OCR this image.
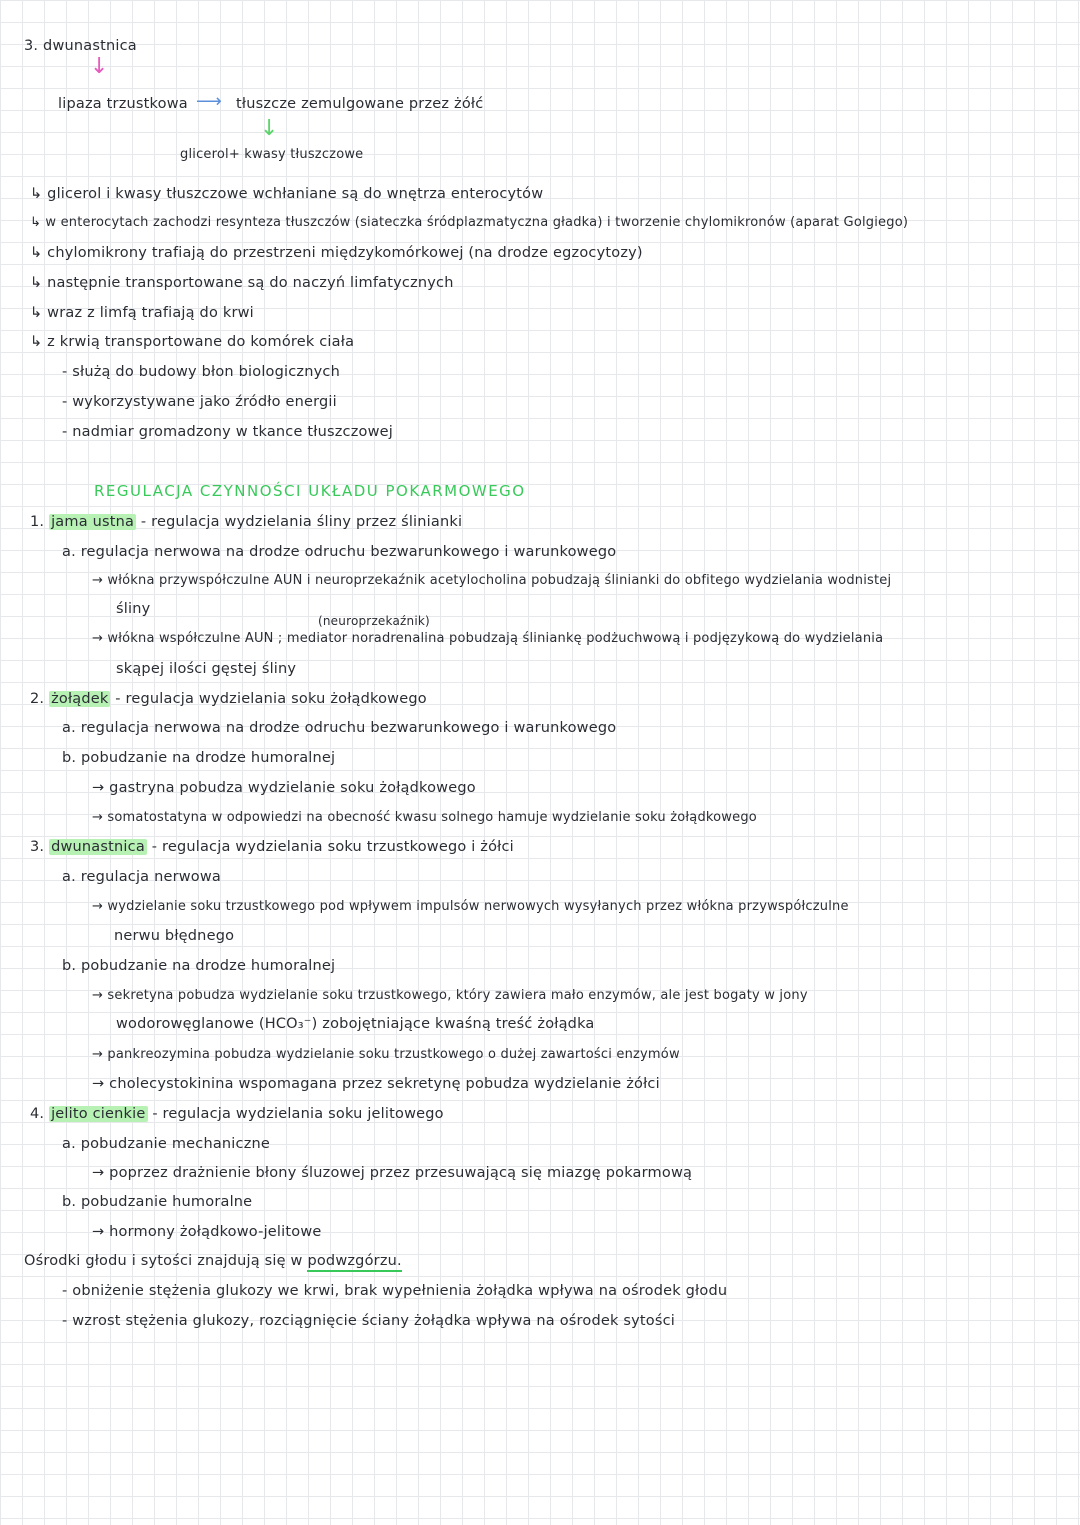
3. dwunastnica
↓
lipaza trzustkowa ⟶ tłuszcze zemulgowane przez żółć
↓
glicerol+ kwasy tłuszczowe
↳ glicerol i kwasy tłuszczowe wchłaniane są do wnętrza enterocytów
↳ w enterocytach zachodzi resynteza tłuszczów (siateczka śródplazmatyczna gładka) i tworzenie chylomikronów (aparat Golgiego)
↳ chylomikrony trafiają do przestrzeni międzykomórkowej (na drodze egzocytozy)
↳ następnie transportowane są do naczyń limfatycznych
↳ wraz z limfą trafiają do krwi
↳ z krwią transportowane do komórek ciała
- służą do budowy błon biologicznych
- wykorzystywane jako źródło energii
- nadmiar gromadzony w tkance tłuszczowej
REGULACJA CZYNNOŚCI UKŁADU POKARMOWEGO
1. jama ustna - regulacja wydzielania śliny przez ślinianki
a. regulacja nerwowa na drodze odruchu bezwarunkowego i warunkowego
→ włókna przywspółczulne AUN i neuroprzekaźnik acetylocholina pobudzają ślinianki do obfitego wydzielania wodnistej
śliny
(neuroprzekaźnik)
→ włókna współczulne AUN ; mediator noradrenalina pobudzają śliniankę podżuchwową i podjęzykową do wydzielania
skąpej ilości gęstej śliny
2. żołądek - regulacja wydzielania soku żołądkowego
a. regulacja nerwowa na drodze odruchu bezwarunkowego i warunkowego
b. pobudzanie na drodze humoralnej
→ gastryna pobudza wydzielanie soku żołądkowego
→ somatostatyna w odpowiedzi na obecność kwasu solnego hamuje wydzielanie soku żołądkowego
3. dwunastnica - regulacja wydzielania soku trzustkowego i żółci
a. regulacja nerwowa
→ wydzielanie soku trzustkowego pod wpływem impulsów nerwowych wysyłanych przez włókna przywspółczulne
nerwu błędnego
b. pobudzanie na drodze humoralnej
→ sekretyna pobudza wydzielanie soku trzustkowego, który zawiera mało enzymów, ale jest bogaty w jony
wodorowęglanowe (HCO₃⁻) zobojętniające kwaśną treść żołądka
→ pankreozymina pobudza wydzielanie soku trzustkowego o dużej zawartości enzymów
→ cholecystokinina wspomagana przez sekretynę pobudza wydzielanie żółci
4. jelito cienkie - regulacja wydzielania soku jelitowego
a. pobudzanie mechaniczne
→ poprzez drażnienie błony śluzowej przez przesuwającą się miazgę pokarmową
b. pobudzanie humoralne
→ hormony żołądkowo-jelitowe
Ośrodki głodu i sytości znajdują się w podwzgórzu.
- obniżenie stężenia glukozy we krwi, brak wypełnienia żołądka wpływa na ośrodek głodu
- wzrost stężenia glukozy, rozciągnięcie ściany żołądka wpływa na ośrodek sytości
